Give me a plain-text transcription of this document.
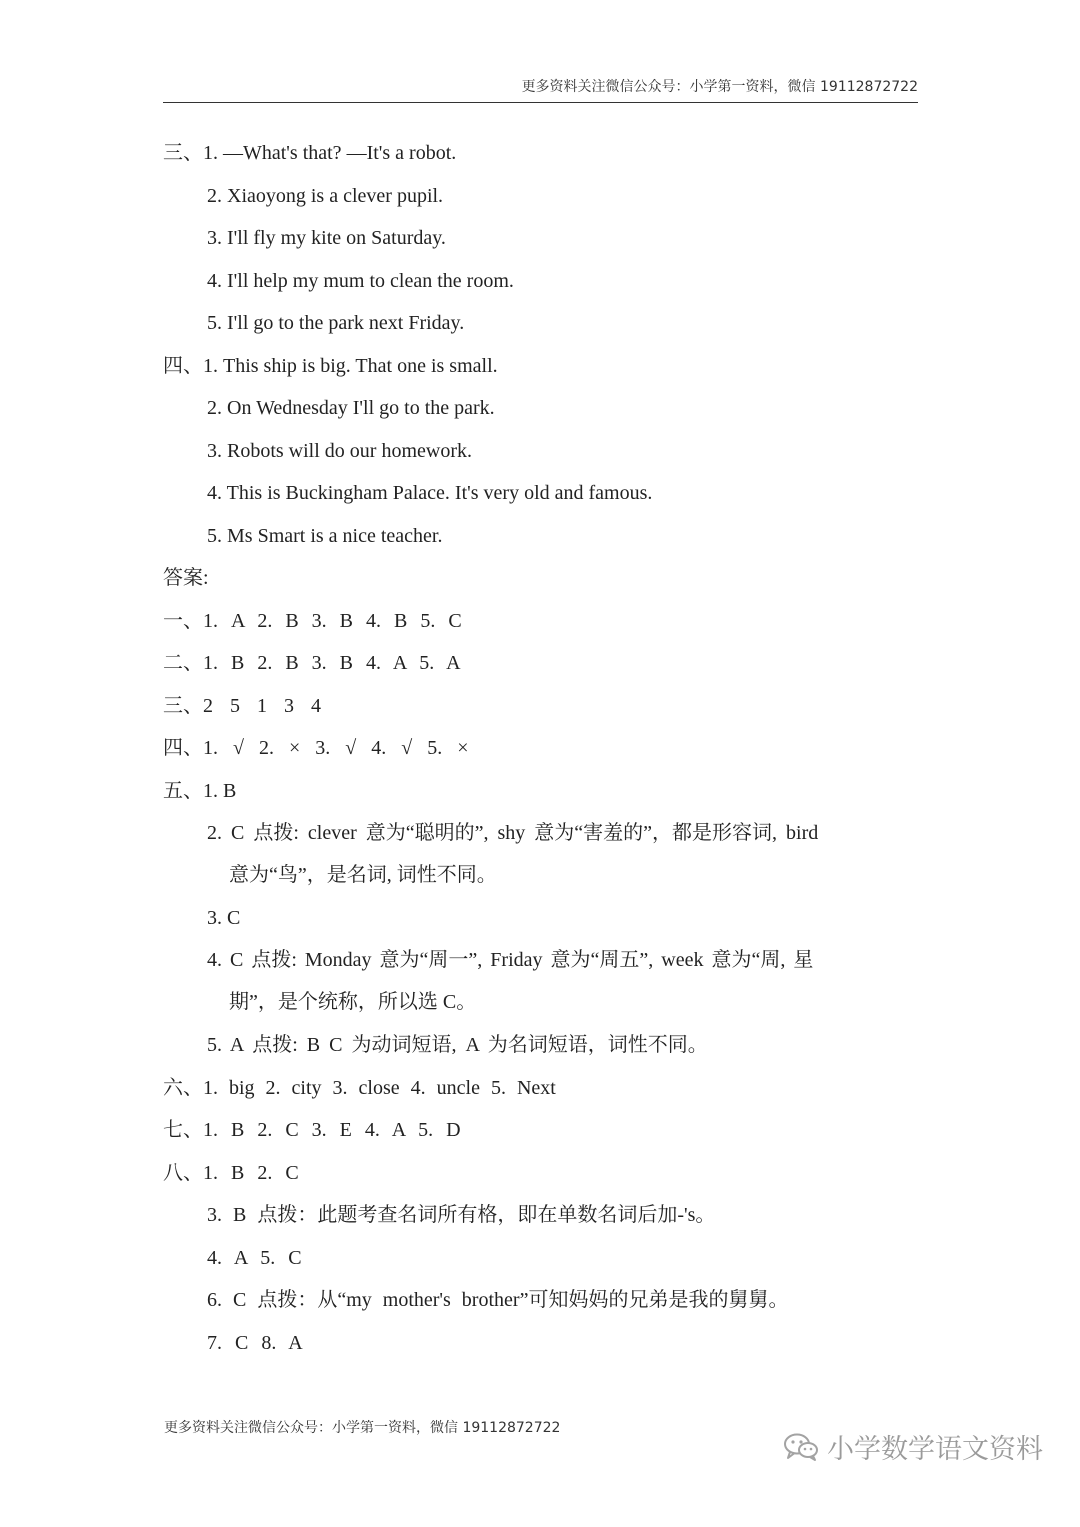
更多资料关注微信公众号：小学第一资料，微信 19112872722
三、1. —What's that? —It's a robot.
2. Xiaoyong is a clever pupil.
3. I'll fly my kite on Saturday.
4. I'll help my mum to clean the room.
5. I'll go to the park next Friday.
四、1. This ship is big. That one is small.
2. On Wednesday I'll go to the park.
3. Robots will do our homework.
4. This is Buckingham Palace. It's very old and famous.
5. Ms Smart is a nice teacher.
答案:
一、1. A 2. B 3. B 4. B 5. C
二、1. B 2. B 3. B 4. A 5. A
三、2 5 1 3 4
四、1. √ 2. × 3. √ 4. √ 5. ×
五、1. B
2. C 点拨: clever 意为“聪明的”, shy 意为“害羞的”，都是形容词, bird
意为“鸟”，是名词, 词性不同。
3. C
4. C 点拨: Monday 意为“周一”, Friday 意为“周五”, week 意为“周, 星
期”，是个统称，所以选 C。
5. A 点拨: B C 为动词短语, A 为名词短语，词性不同。
六、1. big 2. city 3. close 4. uncle 5. Next
七、1. B 2. C 3. E 4. A 5. D
八、1. B 2. C
3. B 点拨：此题考查名词所有格，即在单数名词后加-'s。
4. A 5. C
6. C 点拨：从“my mother's brother”可知妈妈的兄弟是我的舅舅。
7. C 8. A
更多资料关注微信公众号：小学第一资料，微信 19112872722
小学数学语文资料
